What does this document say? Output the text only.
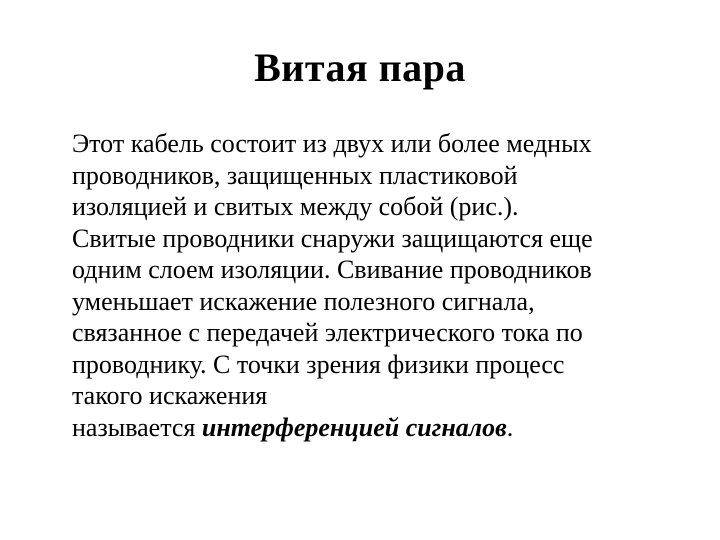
Витая пара
Этот кабель состоит из двух или более медных
проводников, защищенных пластиковой
изоляцией и свитых между собой (рис.).
Свитые проводники снаружи защищаются еще
одним слоем изоляции. Свивание проводников
уменьшает искажение полезного сигнала,
связанное с передачей электрического тока по
проводнику. С точки зрения физики процесс
такого искажения
называется интерференцией сигналов.
